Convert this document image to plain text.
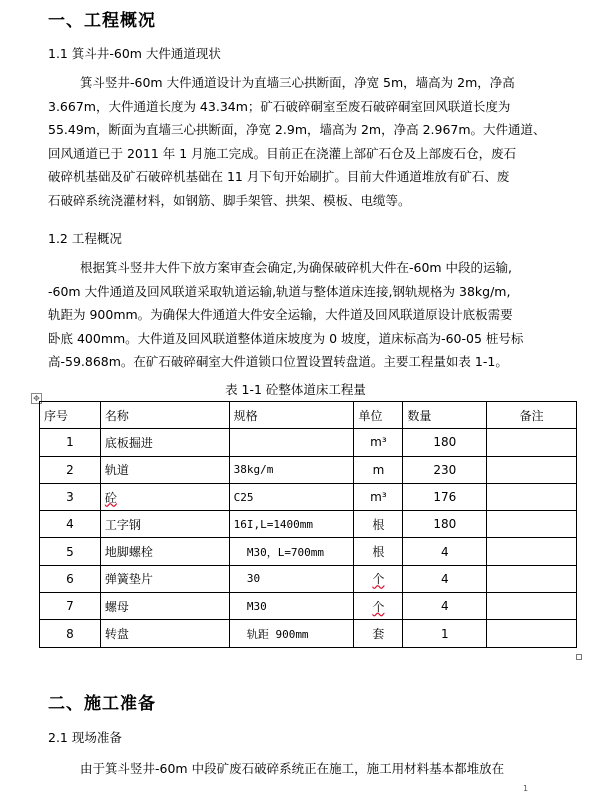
一、工程概况
1.1 箕斗井-60m 大件通道现状
箕斗竖井-60m 大件通道设计为直墙三心拱断面，净宽 5m，墙高为 2m，净高
3.667m，大件通道长度为 43.34m；矿石破碎硐室至废石破碎硐室回风联道长度为
55.49m，断面为直墙三心拱断面，净宽 2.9m，墙高为 2m，净高 2.967m。大件通道、
回风通道已于 2011 年 1 月施工完成。目前正在浇灌上部矿石仓及上部废石仓，废石
破碎机基础及矿石破碎机基础在 11 月下旬开始刷扩。目前大件通道堆放有矿石、废
石破碎系统浇灌材料，如钢筋、脚手架管、拱架、模板、电缆等。
1.2 工程概况
根据箕斗竖井大件下放方案审查会确定,为确保破碎机大件在-60m 中段的运输,
-60m 大件通道及回风联道采取轨道运输,轨道与整体道床连接,钢轨规格为 38kg/m,
轨距为 900mm。为确保大件通道大件安全运输，大件道及回风联道原设计底板需要
卧底 400mm。大件道及回风联道整体道床坡度为 0 坡度，道床标高为-60-05 桩号标
高-59.868m。在矿石破碎硐室大件道锁口位置设置转盘道。主要工程量如表 1-1。
表 1-1 砼整体道床工程量
✥
序号	名称	规格	单位	数量	备注
1	底板掘进		m³	180	
2	轨道	38kg/m	m	230	
3	砼	C25	m³	176	
4	工字钢	16I,L=1400mm	根	180	
5	地脚螺栓	M30，L=700mm	根	4	
6	弹簧垫片	30	个	4	
7	螺母	M30	个	4	
8	转盘	轨距 900mm	套	1	
二、施工准备
2.1 现场准备
由于箕斗竖井-60m 中段矿废石破碎系统正在施工，施工用材料基本都堆放在
1
